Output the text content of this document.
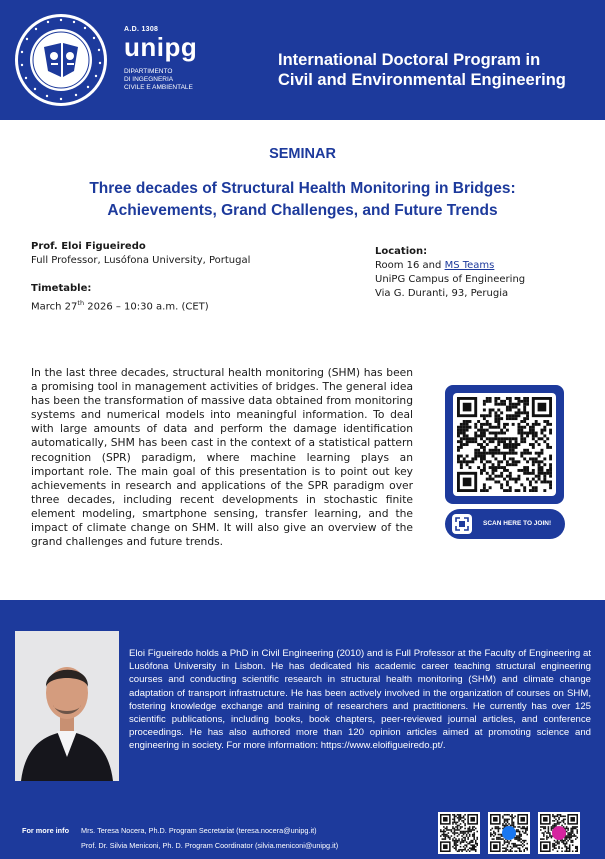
A.D. 1308
unipg
DIPARTIMENTO
DI INGEGNERIA
CIVILE E AMBIENTALE
International Doctoral Program in
Civil and Environmental Engineering
SEMINAR
Three decades of Structural Health Monitoring in Bridges:
Achievements, Grand Challenges, and Future Trends
Prof. Eloi Figueiredo
Full Professor, Lusófona University, Portugal
Timetable:
March 27th 2026 – 10:30 a.m. (CET)
Location:
Room 16 and MS Teams
UniPG Campus of Engineering
Via G. Duranti, 93, Perugia
In the last three decades, structural health monitoring (SHM) has been a promising tool in management activities of bridges. The general idea has been the transformation of massive data obtained from monitoring systems and numerical models into meaningful information. To deal with large amounts of data and perform the damage identification automatically, SHM has been cast in the context of a statistical pattern recognition (SPR) paradigm, where machine learning plays an important role. The main goal of this presentation is to point out key achievements in research and applications of the SPR paradigm over three decades, including recent developments in stochastic finite element modeling, smartphone sensing, transfer learning, and the impact of climate change on SHM. It will also give an overview of the grand challenges and future trends.
SCAN HERE TO JOIN!
Eloi Figueiredo holds a PhD in Civil Engineering (2010) and is Full Professor at the Faculty of Engineering at Lusófona University in Lisbon. He has dedicated his academic career teaching structural engineering courses and conducting scientific research in structural health monitoring (SHM) and climate change adaptation of transport infrastructure. He has been actively involved in the organization of courses on SHM, fostering knowledge exchange and training of researchers and practitioners. He currently has over 125 scientific publications, including books, book chapters, peer-reviewed journal articles, and conference proceedings. He has also authored more than 120 opinion articles aimed at promoting science and engineering in society. For more information: https://www.eloifigueiredo.pt/.
For more info Mrs. Teresa Nocera, Ph.D. Program Secretariat (teresa.nocera@unipg.it)
Prof. Dr. Silvia Meniconi, Ph. D. Program Coordinator (silvia.meniconi@unipg.it)
